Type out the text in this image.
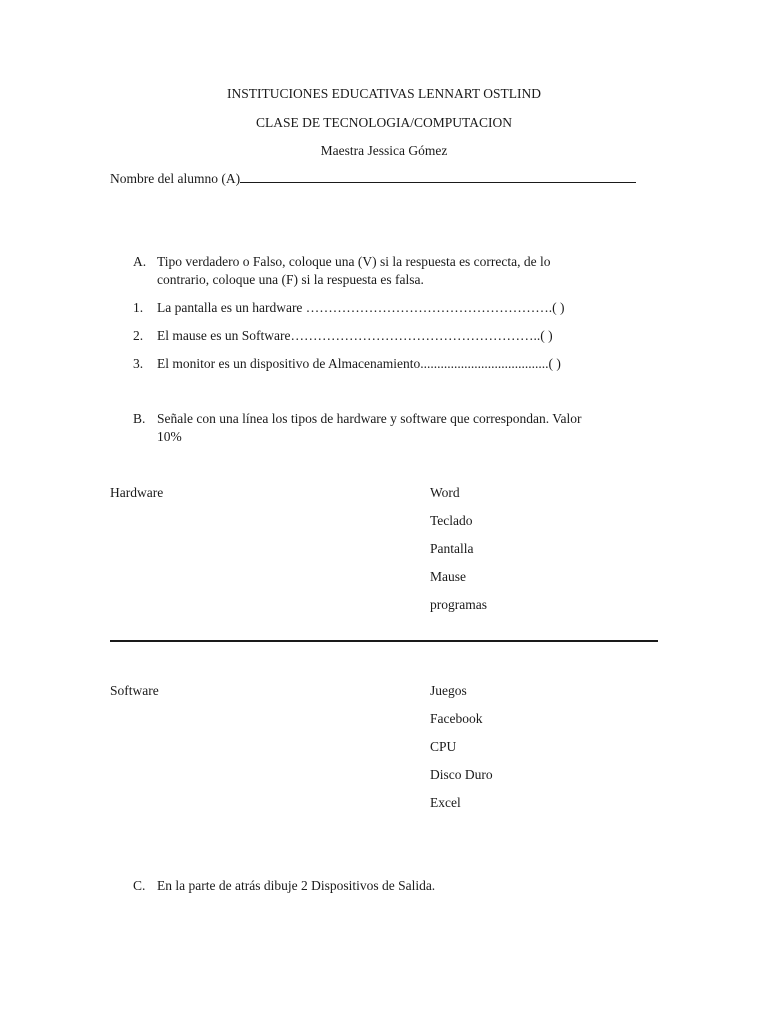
INSTITUCIONES EDUCATIVAS LENNART OSTLIND
CLASE DE TECNOLOGIA/COMPUTACION
Maestra Jessica Gómez
Nombre del alumno (A)
A. Tipo verdadero o Falso, coloque una (V) si la respuesta es correcta, de lo
contrario, coloque una (F) si la respuesta es falsa.
1. La pantalla es un hardware ……………………………………………….( )
2. El mause es un Software………………………………………………..( )
3. El monitor es un dispositivo de Almacenamiento......................................( )
B. Señale con una línea los tipos de hardware y software que correspondan. Valor
10%
Hardware	Word
Teclado
Pantalla
Mause
programas
Software	Juegos
Facebook
CPU
Disco Duro
Excel
C. En la parte de atrás dibuje 2 Dispositivos de Salida.
